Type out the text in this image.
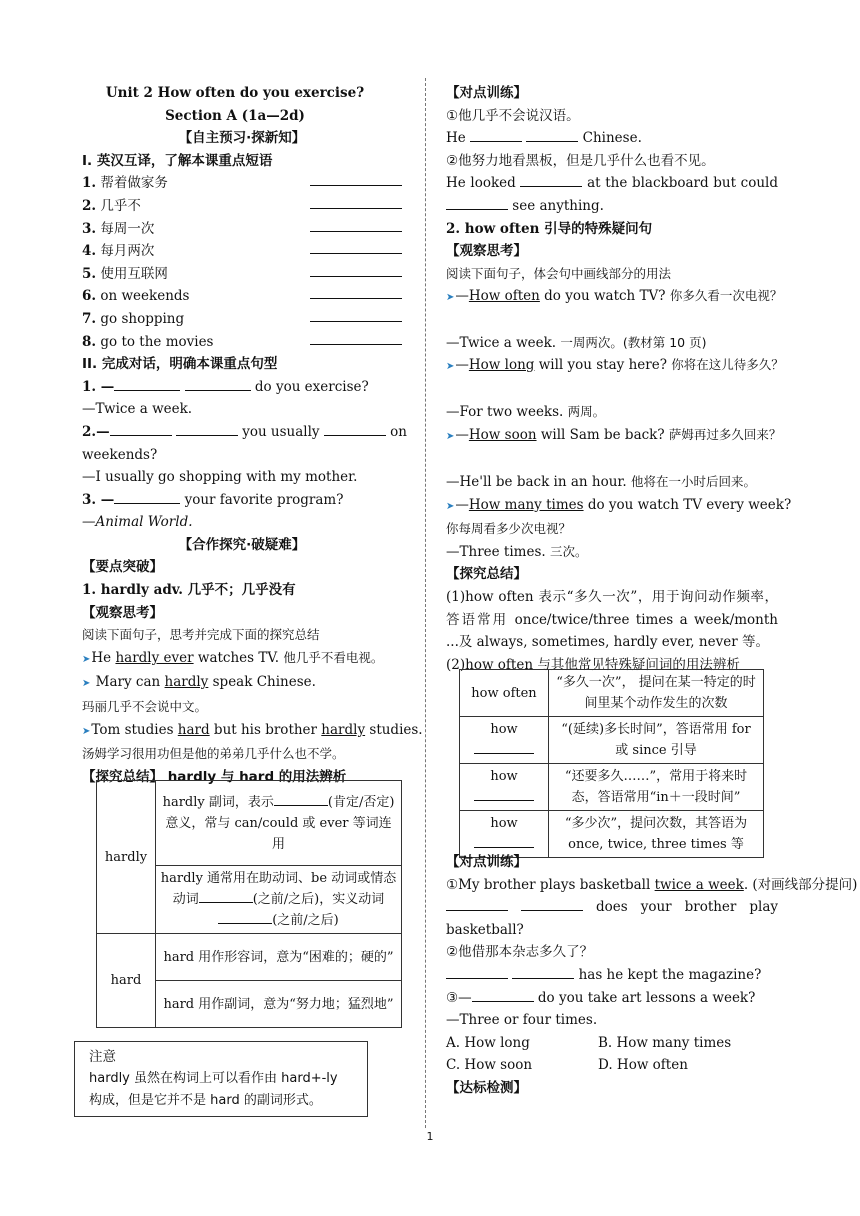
Unit 2 How often do you exercise?
Section A (1a—2d)
【自主预习·探新知】
I. 英汉互译，了解本课重点短语
1. 帮着做家务
2. 几乎不
3. 每周一次
4. 每月两次
5. 使用互联网
6. on weekends
7. go shopping
8. go to the movies
II. 完成对话，明确本课重点句型
1. —	do you exercise?
—Twice a week.
2.—	you usually	on
weekends?
—I usually go shopping with my mother.
3. —	your favorite program?
—Animal World.
【合作探究·破疑难】
【要点突破】
1. hardly adv. 几乎不；几乎没有
【观察思考】
阅读下面句子，思考并完成下面的探究总结
➤He hardly ever watches TV. 他几乎不看电视。
➤ Mary can hardly speak Chinese.
玛丽几乎不会说中文。
➤Tom studies hard but his brother hardly studies.
汤姆学习很用功但是他的弟弟几乎什么也不学。
【探究总结】 hardly 与 hard 的用法辨析
hardly	hardly 副词，表示 (肯定/否定)意义，常与 can/could 或 ever 等词连用
	hardly 通常用在助动词、be 动词或情态动词 (之前/之后)，实义动词(之前/之后)
hard	hard 用作形容词，意为“困难的；硬的”
	hard 用作副词，意为“努力地；猛烈地”
注意
hardly 虽然在构词上可以看作由 hard+-ly 构成，但是它并不是 hard 的副词形式。
【对点训练】
①他几乎不会说汉语。
He	Chinese.
②他努力地看黑板，但是几乎什么也看不见。
He looked	at the blackboard but could
see anything.
2. how often 引导的特殊疑问句
【观察思考】
阅读下面句子，体会句中画线部分的用法
➤—How often do you watch TV? 你多久看一次电视？

—Twice a week. 一周两次。(教材第 10 页)
➤—How long will you stay here? 你将在这儿待多久？

—For two weeks. 两周。
➤—How soon will Sam be back? 萨姆再过多久回来？

—He'll be back in an hour. 他将在一小时后回来。
➤—How many times do you watch TV every week?
你每周看多少次电视？
—Three times. 三次。
【探究总结】
(1)how often 表示“多久一次”，用于询问动作频率，答语常用 once/twice/three times a week/month ...及 always, sometimes, hardly ever, never 等。
(2)how often 与其他常见特殊疑问词的用法辨析
how often	“多久一次”， 提问在某一特定的时间里某个动作发生的次数

how	“(延续)多长时间”，答语常用 for 或 since 引导

how	“还要多久……”，常用于将来时态，答语常用“in＋一段时间”

how	“多少次”，提问次数，其答语为 once, twice, three times 等
【对点训练】
①My brother plays basketball twice a week. (对画线部分提问)
does your brother play
basketball?
②他借那本杂志多久了？
has he kept the magazine?
③—	do you take art lessons a week?
—Three or four times.
A. How long	B. How many times
C. How soon	D. How often
【达标检测】
1
